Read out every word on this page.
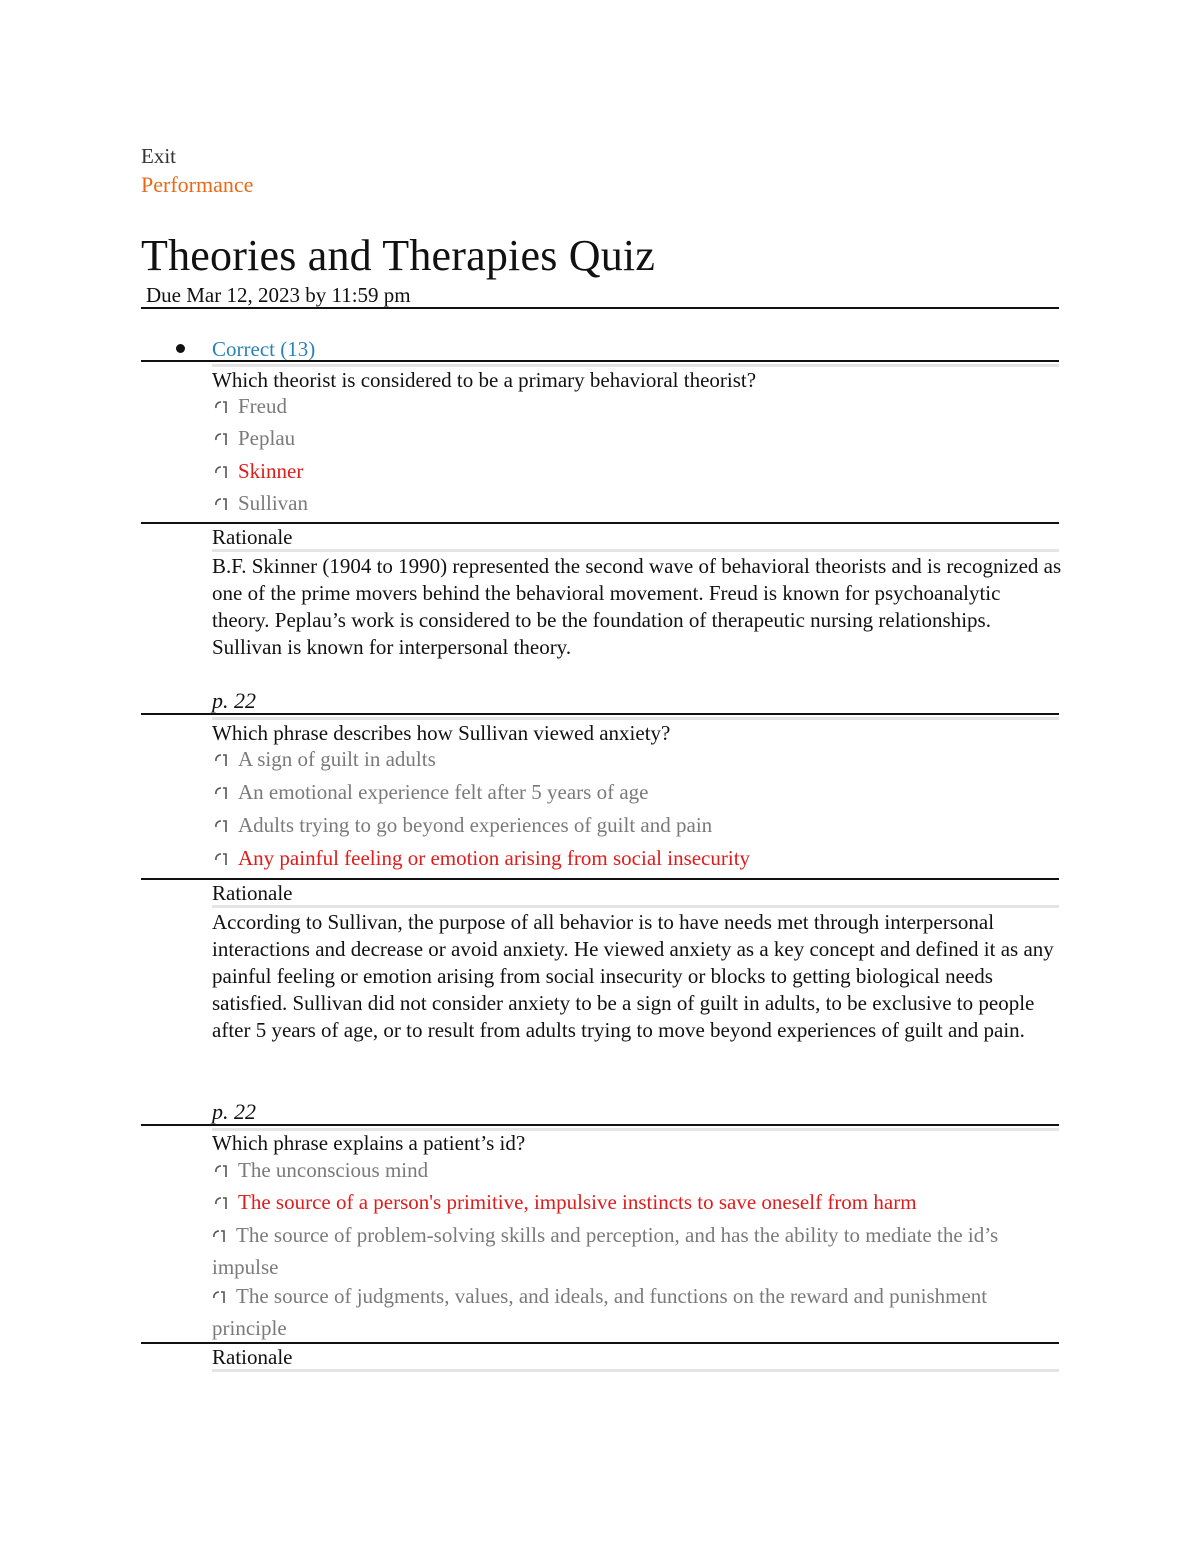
Exit
Performance
Theories and Therapies Quiz
Due Mar 12, 2023 by 11:59 pm
Correct (13)
Which theorist is considered to be a primary behavioral theorist?
Freud
Peplau
Skinner
Sullivan
Rationale
B.F. Skinner (1904 to 1990) represented the second wave of behavioral theorists and is recognized as one of the prime movers behind the behavioral movement. Freud is known for psychoanalytic theory. Peplau’s work is considered to be the foundation of therapeutic nursing relationships. Sullivan is known for interpersonal theory.
p. 22
Which phrase describes how Sullivan viewed anxiety?
A sign of guilt in adults
An emotional experience felt after 5 years of age
Adults trying to go beyond experiences of guilt and pain
Any painful feeling or emotion arising from social insecurity
Rationale
According to Sullivan, the purpose of all behavior is to have needs met through interpersonal interactions and decrease or avoid anxiety. He viewed anxiety as a key concept and defined it as any painful feeling or emotion arising from social insecurity or blocks to getting biological needs satisfied. Sullivan did not consider anxiety to be a sign of guilt in adults, to be exclusive to people after 5 years of age, or to result from adults trying to move beyond experiences of guilt and pain.
p. 22
Which phrase explains a patient’s id?
The unconscious mind
The source of a person's primitive, impulsive instincts to save oneself from harm
The source of problem-solving skills and perception, and has the ability to mediate the id’s impulse
The source of judgments, values, and ideals, and functions on the reward and punishment principle
Rationale
